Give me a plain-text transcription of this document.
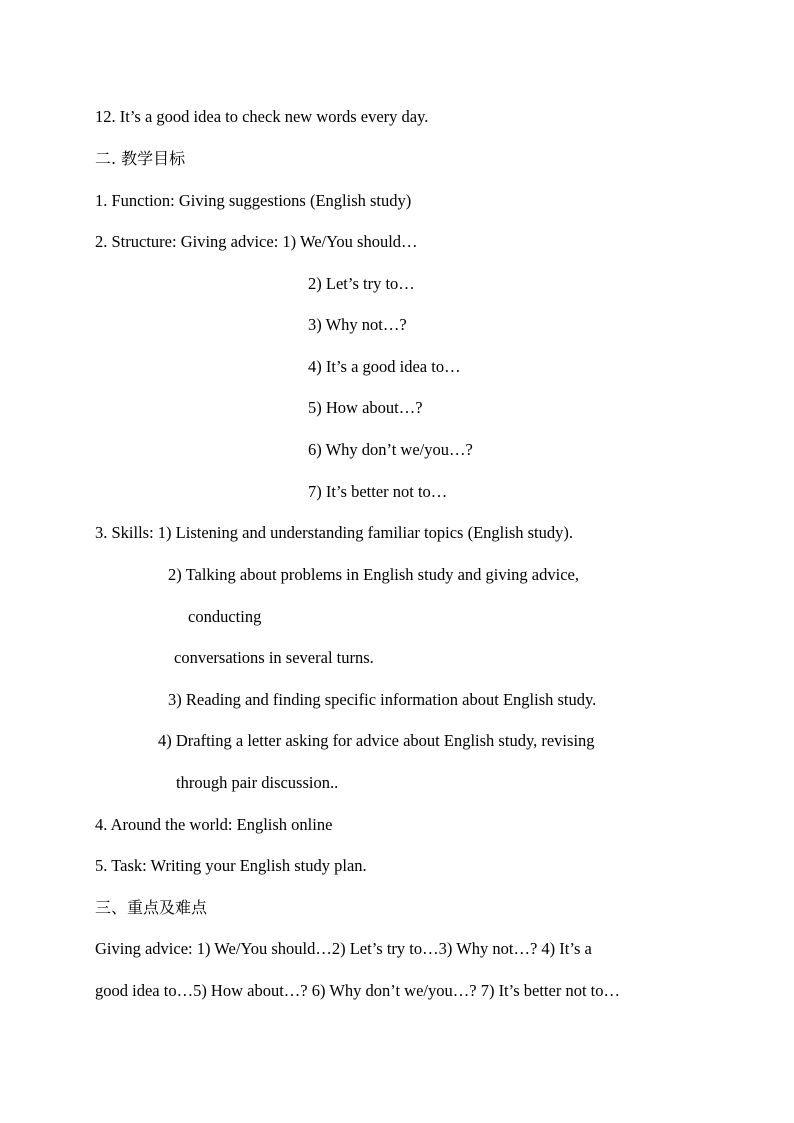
12. It’s a good idea to check new words every day.
二. 教学目标
1. Function: Giving suggestions (English study)
2. Structure: Giving advice: 1) We/You should…
2) Let’s try to…
3) Why not…?
4) It’s a good idea to…
5) How about…?
6) Why don’t we/you…?
7) It’s better not to…
3. Skills: 1) Listening and understanding familiar topics (English study).
2) Talking about problems in English study and giving advice,
conducting
conversations in several turns.
3) Reading and finding specific information about English study.
4) Drafting a letter asking for advice about English study, revising
through pair discussion..
4. Around the world: English online
5. Task: Writing your English study plan.
三、重点及难点
Giving advice: 1) We/You should…2) Let’s try to…3) Why not…? 4) It’s a
good idea to…5) How about…? 6) Why don’t we/you…? 7) It’s better not to…
